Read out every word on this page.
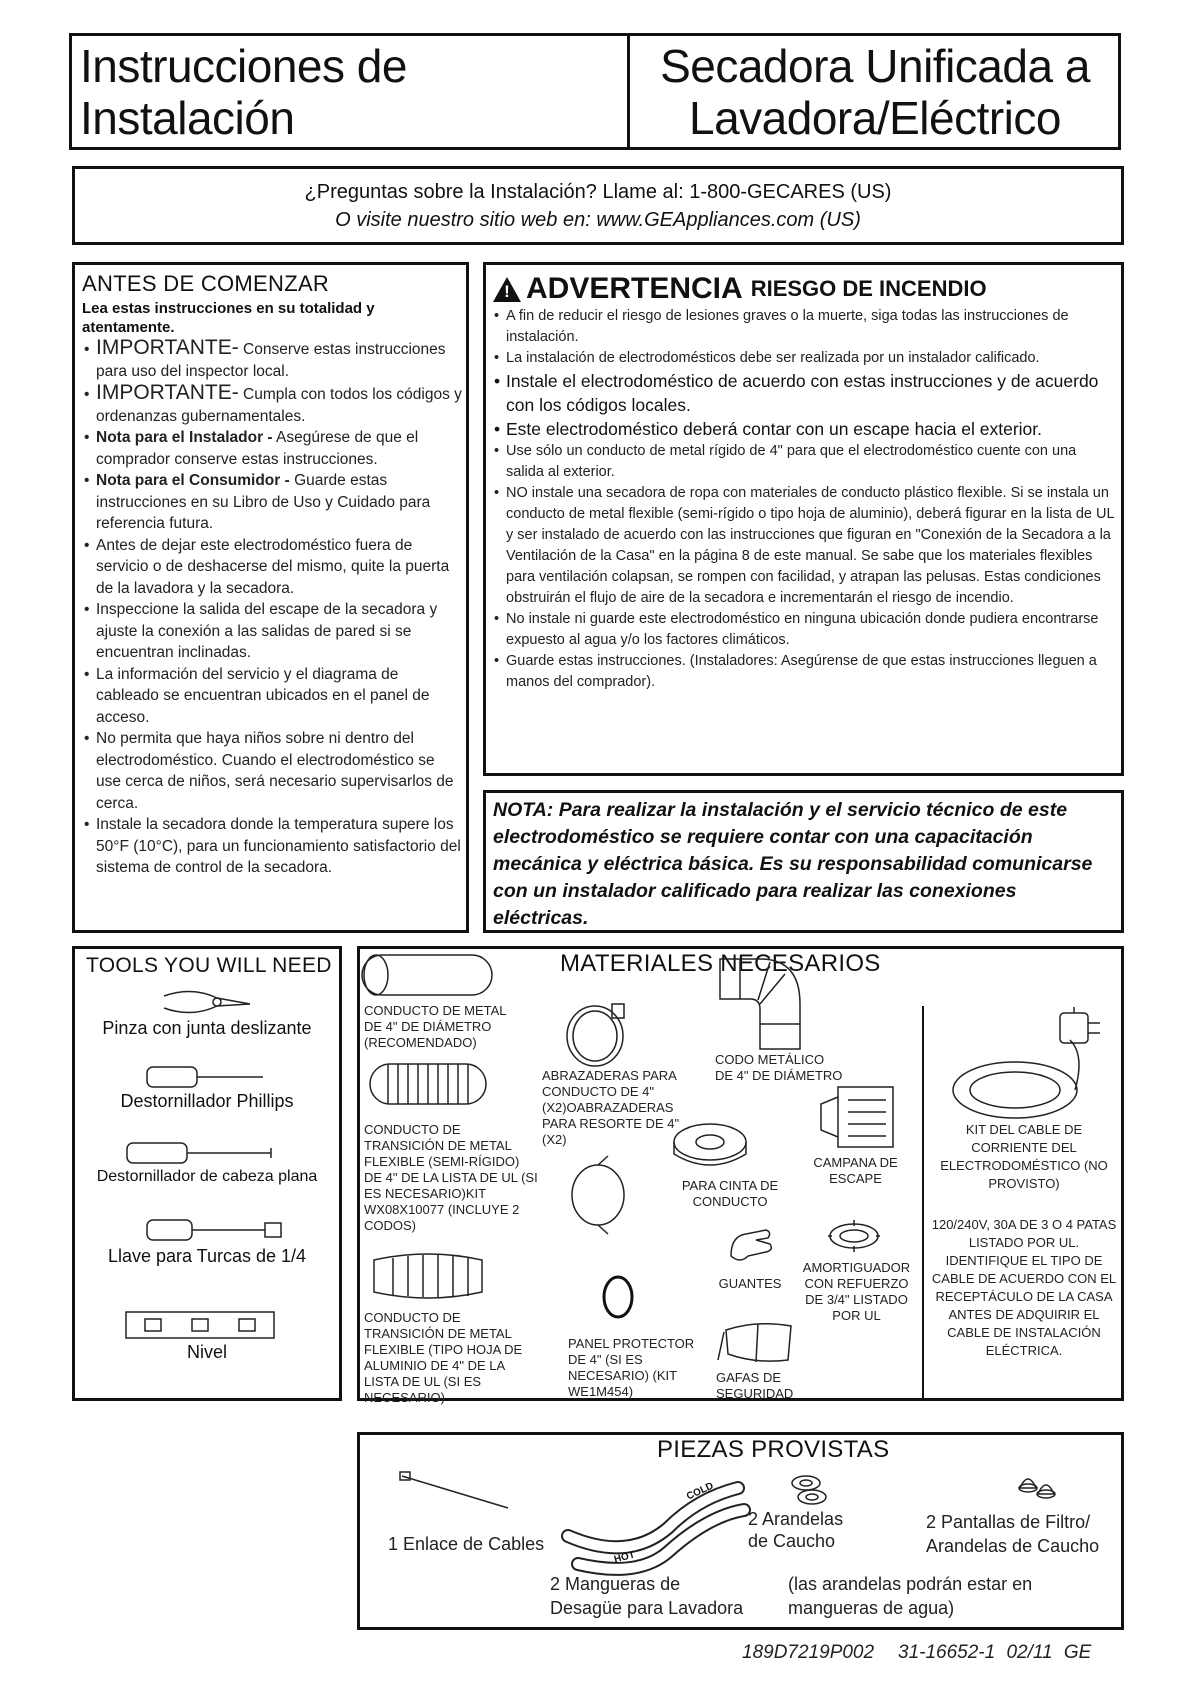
Instrucciones de
Instalación
Secadora Unificada a
Lavadora/Eléctrico
¿Preguntas sobre la Instalación? Llame al: 1-800-GECARES (US)
O visite nuestro sitio web en: www.GEAppliances.com (US)
ANTES DE COMENZAR
Lea estas instrucciones en su totalidad y atentamente.
• IMPORTANTE- Conserve estas instrucciones para uso del inspector local.
• IMPORTANTE- Cumpla con todos los códigos y ordenanzas gubernamentales.
• Nota para el Instalador - Asegúrese de que el comprador conserve estas instrucciones.
• Nota para el Consumidor - Guarde estas instrucciones en su Libro de Uso y Cuidado para referencia futura.
• Antes de dejar este electrodoméstico fuera de servicio o de deshacerse del mismo, quite la puerta de la lavadora y la secadora.
• Inspeccione la salida del escape de la secadora y ajuste la conexión a las salidas de pared si se encuentran inclinadas.
• La información del servicio y el diagrama de cableado se encuentran ubicados en el panel de acceso.
• No permita que haya niños sobre ni dentro del electrodoméstico. Cuando el electrodoméstico se use cerca de niños, será necesario supervisarlos de cerca.
• Instale la secadora donde la temperatura supere los 50°F (10°C), para un funcionamiento satisfactorio del sistema de control de la secadora.
! ADVERTENCIA RIESGO DE INCENDIO
• A fin de reducir el riesgo de lesiones graves o la muerte, siga todas las instrucciones de instalación.
• La instalación de electrodomésticos debe ser realizada por un instalador calificado.
• Instale el electrodoméstico de acuerdo con estas instrucciones y de acuerdo con los códigos locales.
• Este electrodoméstico deberá contar con un escape hacia el exterior.
• Use sólo un conducto de metal rígido de 4" para que el electrodoméstico cuente con una salida al exterior.
• NO instale una secadora de ropa con materiales de conducto plástico flexible. Si se instala un conducto de metal flexible (semi-rígido o tipo hoja de aluminio), deberá figurar en la lista de UL y ser instalado de acuerdo con las instrucciones que figuran en "Conexión de la Secadora a la Ventilación de la Casa" en la página 8 de este manual. Se sabe que los materiales flexibles para ventilación colapsan, se rompen con facilidad, y atrapan las pelusas. Estas condiciones obstruirán el flujo de aire de la secadora e incrementarán el riesgo de incendio.
• No instale ni guarde este electrodoméstico en ninguna ubicación donde pudiera encontrarse expuesto al agua y/o los factores climáticos.
• Guarde estas instrucciones. (Instaladores: Asegúrense de que estas instrucciones lleguen a manos del comprador).
NOTA: Para realizar la instalación y el servicio técnico de este electrodoméstico se requiere contar con una capacitación mecánica y eléctrica básica. Es su responsabilidad comunicarse con un instalador calificado para realizar las conexiones eléctricas.
TOOLS YOU WILL NEED
Pinza con junta deslizante
Destornillador Phillips
Destornillador de cabeza plana
Llave para Turcas de 1/4
Nivel
MATERIALES NECESARIOS
CONDUCTO DE METAL DE 4" DE DIÁMETRO (RECOMENDADO)
CONDUCTO DE TRANSICIÓN DE METAL FLEXIBLE (SEMI-RÍGIDO) DE 4" DE LA LISTA DE UL (SI ES NECESARIO)KIT WX08X10077 (INCLUYE 2 CODOS)
CONDUCTO DE TRANSICIÓN DE METAL FLEXIBLE (TIPO HOJA DE ALUMINIO DE 4" DE LA LISTA DE UL (SI ES NECESARIO)
ABRAZADERAS PARA CONDUCTO DE 4" (X2)OABRAZADERAS PARA RESORTE DE 4" (X2)
CODO METÁLICO DE 4" DE DIÁMETRO
PARA CINTA DE CONDUCTO
CAMPANA DE ESCAPE
GUANTES
AMORTIGUADOR CON REFUERZO DE 3/4" LISTADO POR UL
PANEL PROTECTOR DE 4" (SI ES NECESARIO) (KIT WE1M454)
GAFAS DE SEGURIDAD
KIT DEL CABLE DE CORRIENTE DEL ELECTRODOMÉSTICO (NO PROVISTO)
120/240V, 30A DE 3 O 4 PATAS LISTADO POR UL. IDENTIFIQUE EL TIPO DE CABLE DE ACUERDO CON EL RECEPTÁCULO DE LA CASA ANTES DE ADQUIRIR EL CABLE DE INSTALACIÓN ELÉCTRICA.
PIEZAS PROVISTAS
1 Enlace de Cables
COLD
HOT
2 Arandelas de Caucho
2 Pantallas de Filtro/ Arandelas de Caucho
2 Mangueras de Desagüe para Lavadora
(las arandelas podrán estar en mangueras de agua)
189D7219P002 31-16652-1 02/11 GE
